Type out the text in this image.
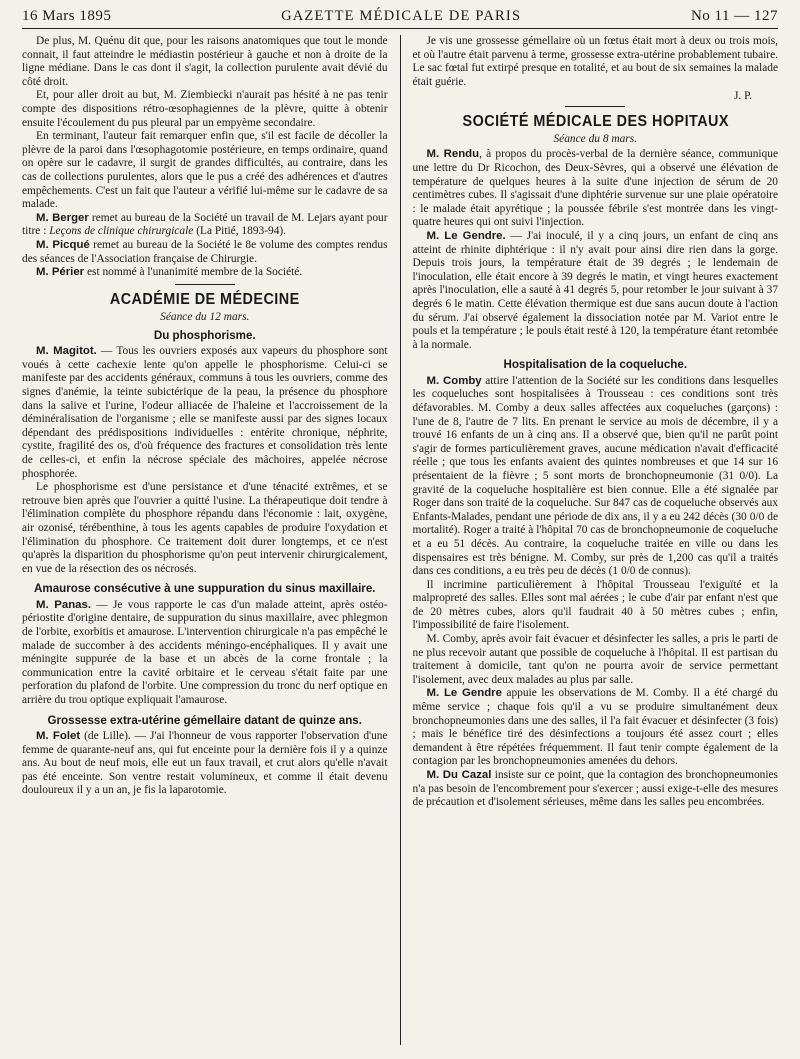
16 Mars 1895	GAZETTE MÉDICALE DE PARIS	No 11 — 127

De plus, M. Quénu dit que, pour les raisons anatomiques que tout le monde connait, il faut atteindre le médiastin postérieur à gauche et non à droite de la ligne médiane. Dans le cas dont il s'agit, la collection purulente avait dévié du côté droit.

Et, pour aller droit au but, M. Ziembiecki n'aurait pas hésité à ne pas tenir compte des dispositions rétro-œsophagiennes de la plèvre, quitte à obtenir ensuite l'écoulement du pus pleural par un empyème secondaire.

En terminant, l'auteur fait remarquer enfin que, s'il est facile de décoller la plèvre de la paroi dans l'œsophagotomie postérieure, en temps ordinaire, quand on opère sur le cadavre, il surgit de grandes difficultés, au contraire, dans les cas de collections purulentes, alors que le pus a créé des adhérences et d'autres empêchements. C'est un fait que l'auteur a vérifié lui-même sur le cadavre de sa malade.

M. Berger remet au bureau de la Société un travail de M. Lejars ayant pour titre : Leçons de clinique chirurgicale (La Pitié, 1893-94).

M. Picqué remet au bureau de la Société le 8e volume des comptes rendus des séances de l'Association française de Chirurgie.

M. Périer est nommé à l'unanimité membre de la Société.

ACADÉMIE DE MÉDECINE
Séance du 12 mars.
Du phosphorisme.

M. Magitot. — Tous les ouvriers exposés aux vapeurs du phosphore sont voués à cette cachexie lente qu'on appelle le phosphorisme. Celui-ci se manifeste par des accidents généraux, communs à tous les ouvriers, comme des signes d'anémie, la teinte subictérique de la peau, la présence du phosphore dans la salive et l'urine, l'odeur alliacée de l'haleine et l'accroissement de la déminéralisation de l'organisme ; elle se manifeste aussi par des signes locaux dépendant des prédispositions individuelles : entérite chronique, néphrite, cystite, fragilité des os, d'où fréquence des fractures et consolidation très lente de celles-ci, et enfin la nécrose spéciale des mâchoires, appelée nécrose phosphorée.

Le phosphorisme est d'une persistance et d'une ténacité extrêmes, et se retrouve bien après que l'ouvrier a quitté l'usine. La thérapeutique doit tendre à l'élimination complète du phosphore répandu dans l'économie : lait, oxygène, air ozonisé, térébenthine, à tous les agents capables de produire l'oxydation et l'élimination du phosphore. Ce traitement doit durer longtemps, et ce n'est qu'après la disparition du phosphorisme qu'on peut intervenir chirurgicalement, en vue de la résection des os nécrosés.

Amaurose consécutive à une suppuration du sinus maxillaire.

M. Panas. — Je vous rapporte le cas d'un malade atteint, après ostéo-périostite d'origine dentaire, de suppuration du sinus maxillaire, avec phlegmon de l'orbite, exorbitis et amaurose. L'intervention chirurgicale n'a pas empêché le malade de succomber à des accidents méningo-encéphaliques. Il y avait une méningite suppurée de la base et un abcès de la corne frontale ; la communication entre la cavité orbitaire et le cerveau s'était faite par une perforation du plafond de l'orbite. Une compression du tronc du nerf optique en arrière du trou optique expliquait l'amaurose.

Grossesse extra-utérine gémellaire datant de quinze ans.

M. Folet (de Lille). — J'ai l'honneur de vous rapporter l'observation d'une femme de quarante-neuf ans, qui fut enceinte pour la dernière fois il y a quinze ans. Au bout de neuf mois, elle eut un faux travail, et crut alors qu'elle n'avait pas été enceinte. Son ventre restait volumineux, et comme il était devenu douloureux il y a un an, je fis la laparotomie.

Je vis une grossesse gémellaire où un fœtus était mort à deux ou trois mois, et où l'autre était parvenu à terme, grossesse extra-utérine probablement tubaire. Le sac fœtal fut extirpé presque en totalité, et au bout de six semaines la malade était guérie.

J. P.
SOCIÉTÉ MÉDICALE DES HOPITAUX
Séance du 8 mars.

M. Rendu, à propos du procès-verbal de la dernière séance, communique une lettre du Dr Ricochon, des Deux-Sèvres, qui a observé une élévation de température de quelques heures à la suite d'une injection de sérum de 20 centimètres cubes. Il s'agissait d'une diphtérie survenue sur une plaie opératoire : le malade était apyrétique ; la poussée fébrile s'est montrée dans les vingt-quatre heures qui ont suivi l'injection.

M. Le Gendre. — J'ai inoculé, il y a cinq jours, un enfant de cinq ans atteint de rhinite diphtérique : il n'y avait pour ainsi dire rien dans la gorge. Depuis trois jours, la température était de 39 degrés ; le lendemain de l'inoculation, elle était encore à 39 degrés le matin, et vingt heures exactement après l'inoculation, elle a sauté à 41 degrés 5, pour retomber le jour suivant à 37 degrés 6 le matin. Cette élévation thermique est due sans aucun doute à l'action du sérum. J'ai observé également la dissociation notée par M. Variot entre le pouls et la température ; le pouls était resté à 120, la température étant retombée à la normale.

Hospitalisation de la coqueluche.

M. Comby attire l'attention de la Société sur les conditions dans lesquelles les coqueluches sont hospitalisées à Trousseau : ces conditions sont très défavorables. M. Comby a deux salles affectées aux coqueluches (garçons) : l'une de 8, l'autre de 7 lits. En prenant le service au mois de décembre, il y a trouvé 16 enfants de un à cinq ans. Il a observé que, bien qu'il ne parût point s'agir de formes particulièrement graves, aucune médication n'avait d'efficacité réelle ; que tous les enfants avaient des quintes nombreuses et que 14 sur 16 présentaient de la fièvre ; 5 sont morts de bronchopneumonie (31 0/0). La gravité de la coqueluche hospitalière est bien connue. Elle a été signalée par Roger dans son traité de la coqueluche. Sur 847 cas de coqueluche observés aux Enfants-Malades, pendant une période de dix ans, il y a eu 242 décès (30 0/0 de mortalité). Roger a traité à l'hôpital 70 cas de bronchopneumonie de coqueluche et a eu 51 décès. Au contraire, la coqueluche traitée en ville ou dans les dispensaires est très bénigne. M. Comby, sur près de 1,200 cas qu'il a traités dans ces conditions, a eu très peu de décès (1 0/0 de connus).

Il incrimine particulièrement à l'hôpital Trousseau l'exiguïté et la malpropreté des salles. Elles sont mal aérées ; le cube d'air par enfant n'est que de 20 mètres cubes, alors qu'il faudrait 40 à 50 mètres cubes ; enfin, l'impossibilité de faire l'isolement.

M. Comby, après avoir fait évacuer et désinfecter les salles, a pris le parti de ne plus recevoir autant que possible de coqueluche à l'hôpital. Il est partisan du traitement à domicile, tant qu'on ne pourra avoir de service permettant l'isolement, avec deux malades au plus par salle.

M. Le Gendre appuie les observations de M. Comby. Il a été chargé du même service ; chaque fois qu'il a vu se produire simultanément deux bronchopneumonies dans une des salles, il l'a fait évacuer et désinfecter (3 fois) ; mais le bénéfice tiré des désinfections a toujours été assez court ; elles demandent à être répétées fréquemment. Il faut tenir compte également de la contagion par les bronchopneumonies amenées du dehors.

M. Du Cazal insiste sur ce point, que la contagion des bronchopneumonies n'a pas besoin de l'encombrement pour s'exercer ; aussi exige-t-elle des mesures de précaution et d'isolement sérieuses, même dans les salles peu encombrées.
